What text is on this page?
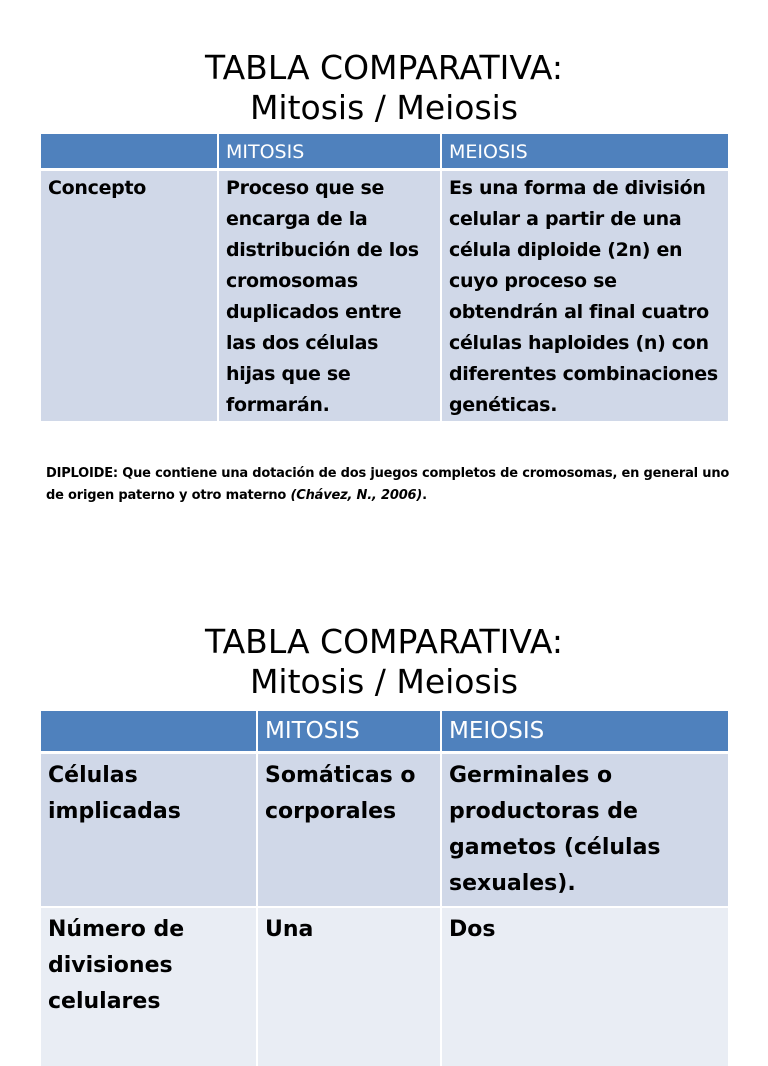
TABLA COMPARATIVA:
Mitosis / Meiosis
	MITOSIS	MEIOSIS
Concepto	Proceso que se encarga de la distribución de los cromosomas duplicados entre las dos células hijas que se formarán.	Es una forma de división celular a partir de una célula diploide (2n) en cuyo proceso se obtendrán al final cuatro células haploides (n) con diferentes combinaciones genéticas.

DIPLOIDE: Que contiene una dotación de dos juegos completos de cromosomas, en general uno de origen paterno y otro materno (Chávez, N., 2006).

TABLA COMPARATIVA:
Mitosis / Meiosis
	MITOSIS	MEIOSIS
Células implicadas	Somáticas o corporales	Germinales o productoras de gametos (células sexuales).
Número de divisiones celulares	Una	Dos
